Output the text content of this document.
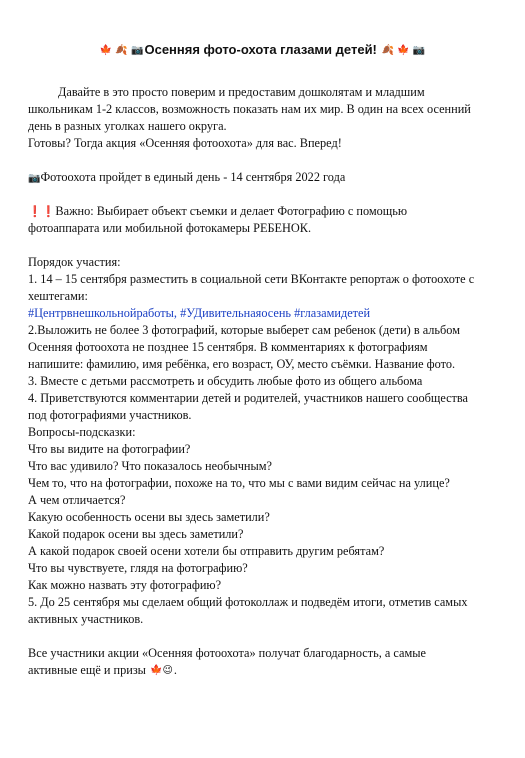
🍁 🍂 📷Осенняя фото-охота глазами детей! 🍂 🍁 📷
Давайте в это просто поверим и предоставим дошколятам и младшим
школьникам 1-2 классов, возможность показать нам их мир. В один на всех осенний
день в разных уголках нашего округа.
Готовы? Тогда акция «Осенняя фотоохота» для вас. Вперед!
📷Фотоохота пройдет в единый день - 14 сентября 2022 года
❗❗Важно: Выбирает объект съемки и делает Фотографию с помощью
фотоаппарата или мобильной фотокамеры РЕБЕНОК.
Порядок участия:
1. 14 – 15 сентября разместить в социальной сети ВКонтакте репортаж о фотоохоте с
хештегами:
#Центрвнешкольнойработы, #УДивительнаяосень #глазамидетей
2.Выложить не более 3 фотографий, которые выберет сам ребенок (дети) в альбом
Осенняя фотоохота не позднее 15 сентября. В комментариях к фотографиям
напишите: фамилию, имя ребёнка, его возраст, ОУ, место съёмки. Название фото.
3. Вместе с детьми рассмотреть и обсудить любые фото из общего альбома
4. Приветствуются комментарии детей и родителей, участников нашего сообщества
под фотографиями участников.
Вопросы-подсказки:
Что вы видите на фотографии?
Что вас удивило? Что показалось необычным?
Чем то, что на фотографии, похоже на то, что мы с вами видим сейчас на улице?
А чем отличается?
Какую особенность осени вы здесь заметили?
Какой подарок осени вы здесь заметили?
А какой подарок своей осени хотели бы отправить другим ребятам?
Что вы чувствуете, глядя на фотографию?
Как можно назвать эту фотографию?
5. До 25 сентября мы сделаем общий фотоколлаж и подведём итоги, отметив самых
активных участников.
Все участники акции «Осенняя фотоохота» получат благодарность, а самые
активные ещё и призы 🍁😉.
